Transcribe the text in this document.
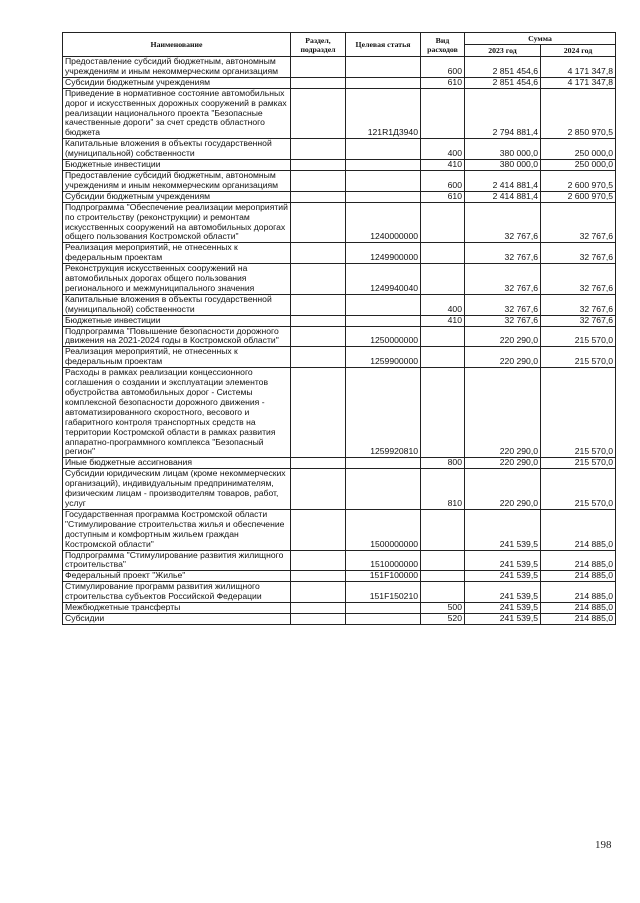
Наименование	Раздел, подраздел	Целевая статья	Вид расходов	Сумма	
				2023 год	2024 год
Предоставление субсидий бюджетным, автономным учреждениям и иным некоммерческим организациям			600	2 851 454,6	4 171 347,8
Субсидии бюджетным учреждениям			610	2 851 454,6	4 171 347,8
Приведение в нормативное состояние автомобильных дорог и искусственных дорожных сооружений в рамках реализации национального проекта "Безопасные качественные дороги" за счет средств областного бюджета		121R1Д3940		2 794 881,4	2 850 970,5
Капитальные вложения в объекты государственной (муниципальной) собственности			400	380 000,0	250 000,0
Бюджетные инвестиции			410	380 000,0	250 000,0
Предоставление субсидий бюджетным, автономным учреждениям и иным некоммерческим организациям			600	2 414 881,4	2 600 970,5
Субсидии бюджетным учреждениям			610	2 414 881,4	2 600 970,5
Подпрограмма "Обеспечение реализации мероприятий по строительству (реконструкции) и ремонтам искусственных сооружений на автомобильных дорогах общего пользования Костромской области"		1240000000		32 767,6	32 767,6
Реализация мероприятий, не отнесенных к федеральным проектам		1249900000		32 767,6	32 767,6
Реконструкция искусственных сооружений на автомобильных дорогах общего пользования регионального и межмуниципального значения		1249940040		32 767,6	32 767,6
Капитальные вложения в объекты государственной (муниципальной) собственности			400	32 767,6	32 767,6
Бюджетные инвестиции			410	32 767,6	32 767,6
Подпрограмма "Повышение безопасности дорожного движения на 2021-2024 годы в Костромской области"		1250000000		220 290,0	215 570,0
Реализация мероприятий, не отнесенных к федеральным проектам		1259900000		220 290,0	215 570,0
Расходы в рамках реализации концессионного соглашения о создании и эксплуатации элементов обустройства автомобильных дорог - Системы комплексной безопасности дорожного движения - автоматизированного скоростного, весового и габаритного контроля транспортных средств на территории Костромской области в рамках развития аппаратно-программного комплекса "Безопасный регион"		1259920810		220 290,0	215 570,0
Иные бюджетные ассигнования			800	220 290,0	215 570,0
Субсидии юридическим лицам (кроме некоммерческих организаций), индивидуальным предпринимателям, физическим лицам - производителям товаров, работ, услуг			810	220 290,0	215 570,0
Государственная программа Костромской области "Стимулирование строительства жилья и обеспечение доступным и комфортным жильем граждан Костромской области"		1500000000		241 539,5	214 885,0
Подпрограмма "Стимулирование развития жилищного строительства"		1510000000		241 539,5	214 885,0
Федеральный проект "Жилье"		151F100000		241 539,5	214 885,0
Стимулирование программ развития жилищного строительства субъектов Российской Федерации		151F150210		241 539,5	214 885,0
Межбюджетные трансферты			500	241 539,5	214 885,0
Субсидии			520	241 539,5	214 885,0
198
